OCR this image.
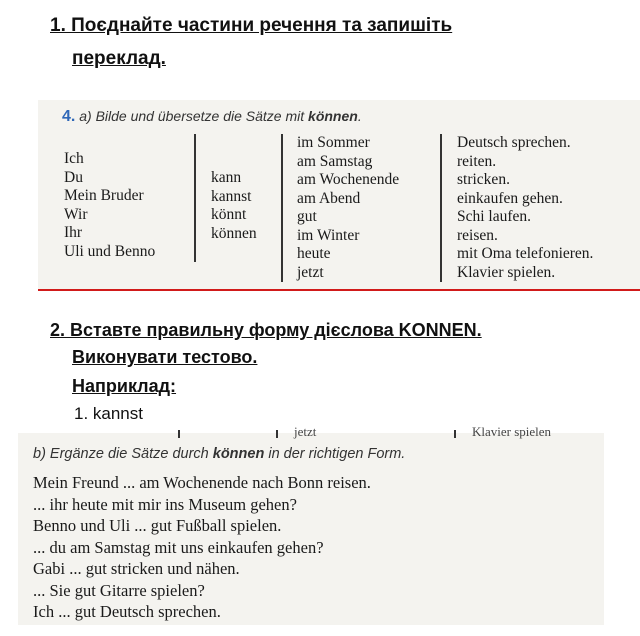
1. Поєднайте частини речення та запишіть
переклад.
4. a) Bilde und übersetze die Sätze mit können.
Ich
Du
Mein Bruder
Wir
Ihr
Uli und Benno
kann
kannst
könnt
können
im Sommer
am Samstag
am Wochenende
am Abend
gut
im Winter
heute
jetzt
Deutsch sprechen.
reiten.
stricken.
einkaufen gehen.
Schi laufen.
reisen.
mit Oma telefonieren.
Klavier spielen.
2. Вставте правильну форму дієслова KONNEN.
Виконувати тестово.
Наприклад:
1. kannst
jetzt	Klavier spielen
b) Ergänze die Sätze durch können in der richtigen Form.
Mein Freund ... am Wochenende nach Bonn reisen.
... ihr heute mit mir ins Museum gehen?
Benno und Uli ... gut Fußball spielen.
... du am Samstag mit uns einkaufen gehen?
Gabi ... gut stricken und nähen.
... Sie gut Gitarre spielen?
Ich ... gut Deutsch sprechen.
